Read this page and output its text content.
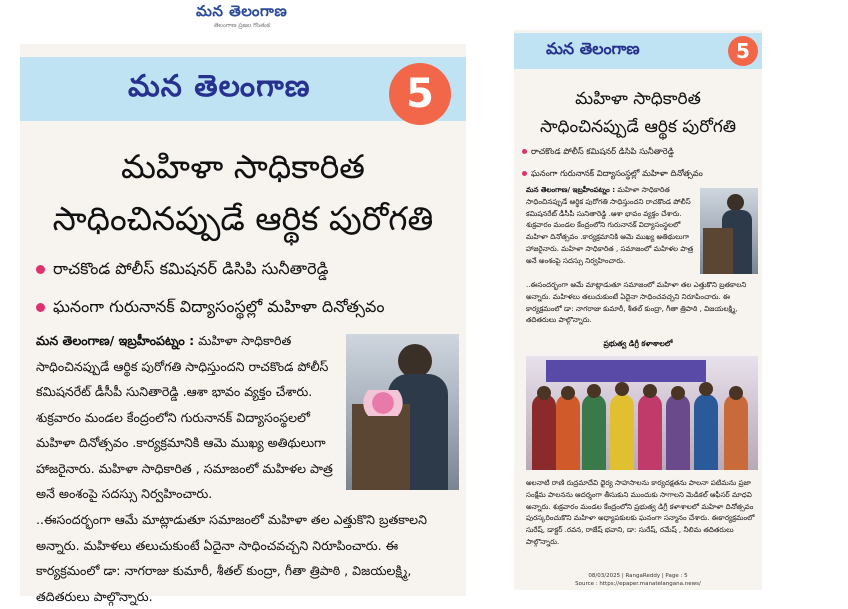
మన తెలంగాణ
తెలంగాణ ప్రజల గొంతుక
మన తెలంగాణ	5
మహిళా సాధికారిత
సాధించినప్పుడే ఆర్థిక పురోగతి
రాచకొండ పోలీస్ కమిషనర్ డిసిపి సునీతారెడ్డి
ఘనంగా గురునానక్ విద్యాసంస్థల్లో మహిళా దినోత్సవం
మన తెలంగాణ/ ఇబ్రహీంపట్నం : మహిళా సాధికారిత సాధించినప్పుడే ఆర్థిక పురోగతి సాధిస్తుందని రాచకొండ పోలీస్ కమిషనరేట్ డీసీపీ సునితారెడ్డి .ఆశా భావం వ్యక్తం చేశారు. శుక్రవారం మండల కేంద్రంలోని గురునానక్ విద్యాసంస్థలలో మహిళా దినోత్సవం .కార్యక్రమానికి ఆమె ముఖ్య అతిథులుగా హాజరైనారు. మహిళా సాధికారిత , సమాజంలో మహిళల పాత్ర అనే అంశంపై సదస్సు నిర్వహించారు.
..ఈసందర్భంగా ఆమే మాట్లాడుతూ సమాజంలో మహిళా తల ఎత్తుకొని బ్రతకాలని అన్నారు. మహిళలు తలుచుకుంటే ఏదైనా సాధించవచ్చని నిరూపించారు. ఈ కార్యక్రమంలో డా: నాగరాజు కుమారీ, శీతల్ కుంద్రా, గీతా త్రిపాఠి , విజయలక్ష్మి, తదితరులు పాల్గొన్నారు.
మన తెలంగాణ	5
మహిళా సాధికారిత
సాధించినప్పుడే ఆర్థిక పురోగతి
రాచకొండ పోలీస్ కమిషనర్ డిసిపి సునీతారెడ్డి
ఘనంగా గురునానక్ విద్యాసంస్థల్లో మహిళా దినోత్సవం
మన తెలంగాణ/ ఇబ్రహీంపట్నం : మహిళా సాధికారిత సాధించినప్పుడే ఆర్థిక పురోగతి సాధిస్తుందని రాచకొండ పోలీస్ కమిషనరేట్ డీసీపీ సునితారెడ్డి .ఆశా భావం వ్యక్తం చేశారు. శుక్రవారం మండల కేంద్రంలోని గురునానక్ విద్యాసంస్థలలో మహిళా దినోత్సవం .కార్యక్రమానికి ఆమె ముఖ్య అతిథులుగా హాజరైనారు. మహిళా సాధికారిత , సమాజంలో మహిళల పాత్ర అనే అంశంపై సదస్సు నిర్వహించారు.
..ఈసందర్భంగా ఆమే మాట్లాడుతూ సమాజంలో మహిళా తల ఎత్తుకొని బ్రతకాలని అన్నారు. మహిళలు తలుచుకుంటే ఏదైనా సాధించవచ్చని నిరూపించారు. ఈ కార్యక్రమంలో డా: నాగరాజు కుమారీ, శీతల్ కుంద్రా, గీతా త్రిపాఠి , విజయలక్ష్మి, తదితరులు పాల్గొన్నారు.
ప్రభుత్వ డిగ్రీ కళాశాలలో
అలనాటి రాణి రుద్రమాదేవి ధైర్య సాహసాలను కార్యదక్షతను పాలనా పటిమను ప్రజా సంక్షేమ పాలనను ఆదర్శంగా తీసుకుని ముందుకు సాగాలని మెడికల్ ఆఫీసర్ మాధవి అన్నారు. శుక్రవారం మండల కేంద్రంలోని ప్రభుత్వ డిగ్రీ కళాశాలలో మహిళా దినోత్సవం పురస్కరించుకొని మహిళా అధ్యాపకులకు ఘనంగా సన్మానం చేశారు. ఈకార్యక్రమంలో సురేష్, డాక్టర్ .రవన, రాజేష్ భవాని, డా: సురేష్, రమేష్ , నీలిమ తదితరులు పాల్గొన్నారు.
08/03/2025 | RangaReddy | Page : 5
Source : https://epaper.manatelangana.news/
